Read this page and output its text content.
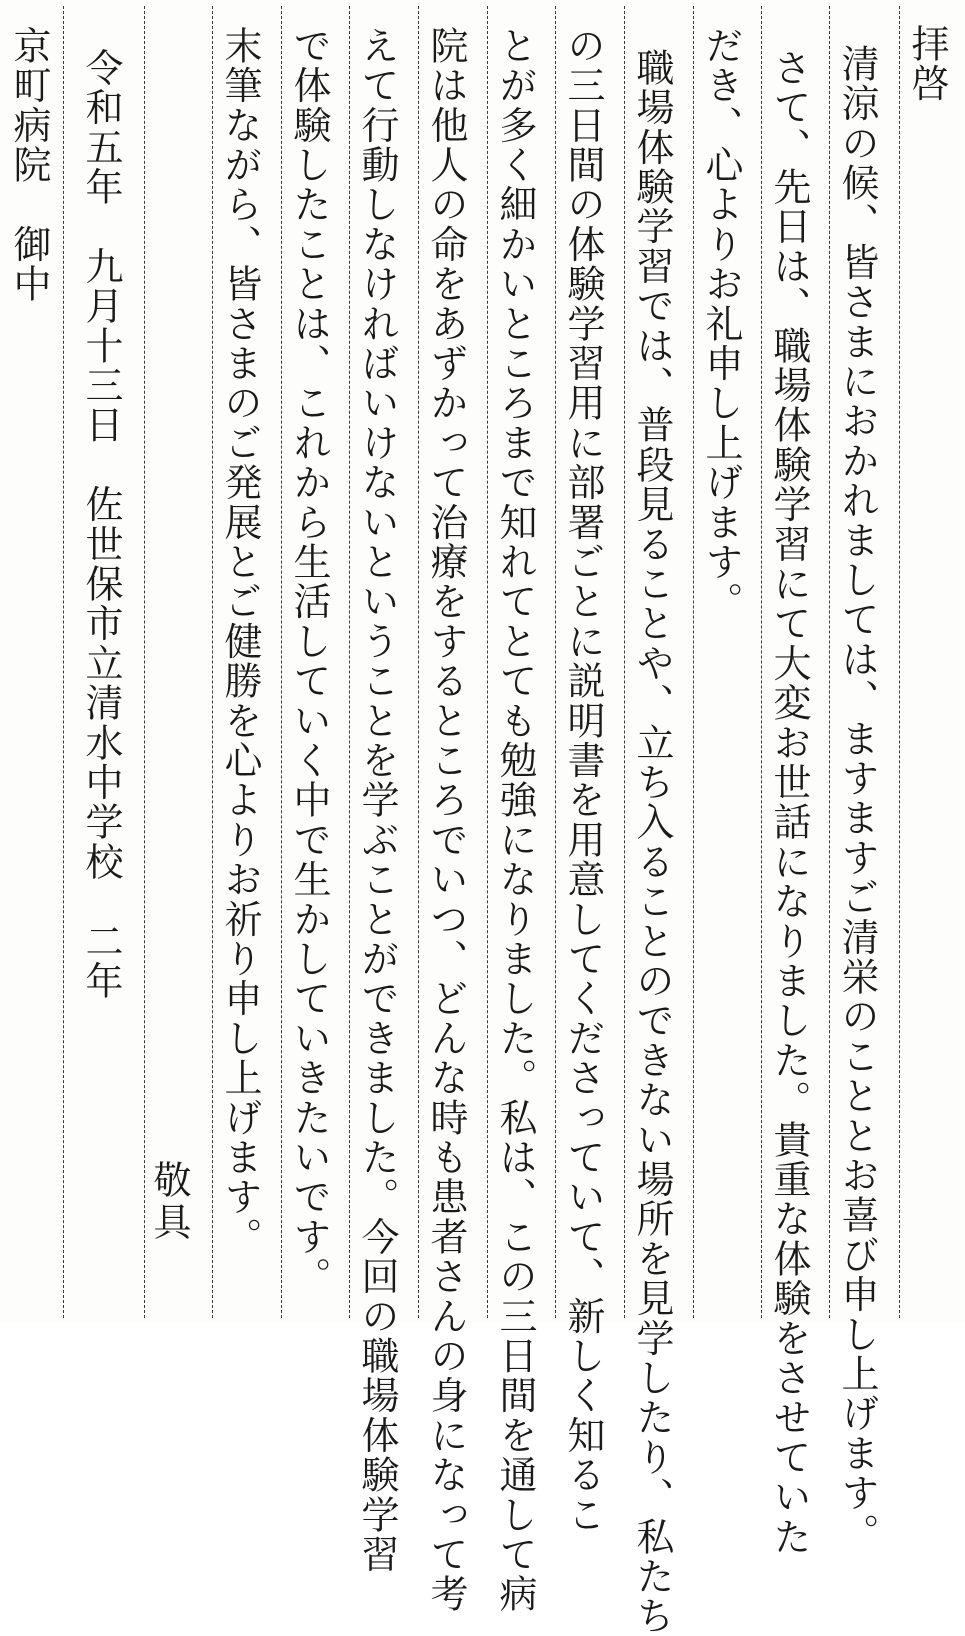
拝啓
清涼の候、皆さまにおかれましては、ますますご清栄のこととお喜び申し上げます。
さて、先日は、職場体験学習にて大変お世話になりました。貴重な体験をさせていた
だき、心よりお礼申し上げます。
職場体験学習では、普段見ることや、立ち入ることのできない場所を見学したり、私たち
の三日間の体験学習用に部署ごとに説明書を用意してくださっていて、新しく知るこ
とが多く細かいところまで知れてとても勉強になりました。私は、この三日間を通して病
院は他人の命をあずかって治療をするところでいつ、どんな時も患者さんの身になって考
えて行動しなければいけないということを学ぶことができました。今回の職場体験学習
で体験したことは、これから生活していく中で生かしていきたいです。
末筆ながら、皆さまのご発展とご健勝を心よりお祈り申し上げます。
敬具
令和五年　九月十三日　佐世保市立清水中学校　二年
京町病院　御中
